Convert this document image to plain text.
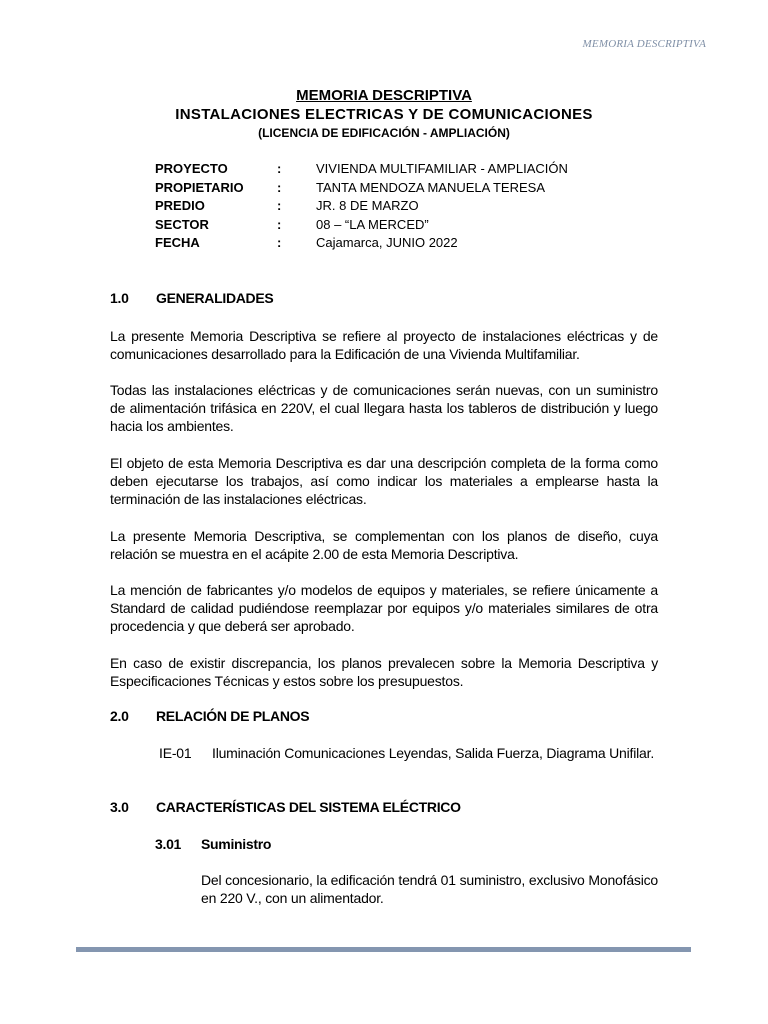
MEMORIA DESCRIPTIVA
MEMORIA DESCRIPTIVA
INSTALACIONES ELECTRICAS Y DE COMUNICACIONES
(LICENCIA DE EDIFICACIÓN - AMPLIACIÓN)
PROYECTO	:	VIVIENDA MULTIFAMILIAR - AMPLIACIÓN
PROPIETARIO	:	TANTA MENDOZA MANUELA TERESA
PREDIO	:	JR. 8 DE MARZO
SECTOR	:	08 – “LA MERCED”
FECHA	:	Cajamarca, JUNIO 2022
1.0 GENERALIDADES
La presente Memoria Descriptiva se refiere al proyecto de instalaciones eléctricas y de comunicaciones desarrollado para la Edificación de una Vivienda Multifamiliar.
Todas las instalaciones eléctricas y de comunicaciones serán nuevas, con un suministro de alimentación trifásica en 220V, el cual llegara hasta los tableros de distribución y luego hacia los ambientes.
El objeto de esta Memoria Descriptiva es dar una descripción completa de la forma como deben ejecutarse los trabajos, así como indicar los materiales a emplearse hasta la terminación de las instalaciones eléctricas.
La presente Memoria Descriptiva, se complementan con los planos de diseño, cuya relación se muestra en el acápite 2.00 de esta Memoria Descriptiva.
La mención de fabricantes y/o modelos de equipos y materiales, se refiere únicamente a Standard de calidad pudiéndose reemplazar por equipos y/o materiales similares de otra procedencia y que deberá ser aprobado.
En caso de existir discrepancia, los planos prevalecen sobre la Memoria Descriptiva y Especificaciones Técnicas y estos sobre los presupuestos.
2.0 RELACIÓN DE PLANOS
IE-01 Iluminación Comunicaciones Leyendas, Salida Fuerza, Diagrama Unifilar.
3.0 CARACTERÍSTICAS DEL SISTEMA ELÉCTRICO
3.01 Suministro
Del concesionario, la edificación tendrá 01 suministro, exclusivo Monofásico en 220 V., con un alimentador.
